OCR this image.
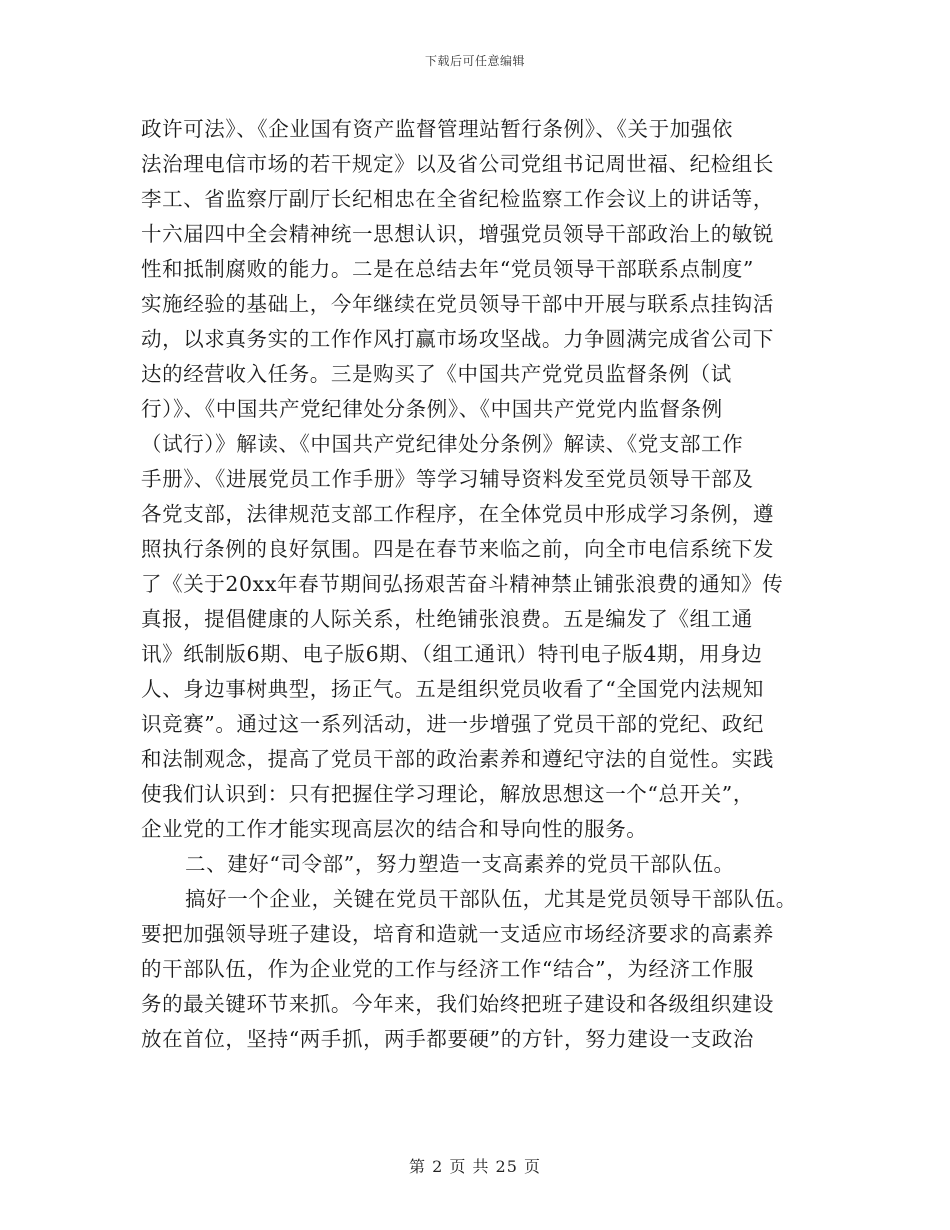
下载后可任意编辑
政许可法》、《企业国有资产监督管理站暂行条例》、《关于加强依
法治理电信市场的若干规定》以及省公司党组书记周世福、纪检组长
李工、省监察厅副厅长纪相忠在全省纪检监察工作会议上的讲话等，
十六届四中全会精神统一思想认识，增强党员领导干部政治上的敏锐
性和抵制腐败的能力。二是在总结去年“党员领导干部联系点制度”
实施经验的基础上，今年继续在党员领导干部中开展与联系点挂钩活
动，以求真务实的工作作风打赢市场攻坚战。力争圆满完成省公司下
达的经营收入任务。三是购买了《中国共产党党员监督条例（试
行）》、《中国共产党纪律处分条例》、《中国共产党党内监督条例
（试行）》解读、《中国共产党纪律处分条例》解读、《党支部工作
手册》、《进展党员工作手册》等学习辅导资料发至党员领导干部及
各党支部，法律规范支部工作程序，在全体党员中形成学习条例，遵
照执行条例的良好氛围。四是在春节来临之前，向全市电信系统下发
了《关于20xx年春节期间弘扬艰苦奋斗精神禁止铺张浪费的通知》传
真报，提倡健康的人际关系，杜绝铺张浪费。五是编发了《组工通
讯》纸制版6期、电子版6期、（组工通讯）特刊电子版4期，用身边
人、身边事树典型，扬正气。五是组织党员收看了“全国党内法规知
识竞赛”。通过这一系列活动，进一步增强了党员干部的党纪、政纪
和法制观念，提高了党员干部的政治素养和遵纪守法的自觉性。实践
使我们认识到：只有把握住学习理论，解放思想这一个“总开关”，
企业党的工作才能实现高层次的结合和导向性的服务。
二、建好“司令部”，努力塑造一支高素养的党员干部队伍。
搞好一个企业，关键在党员干部队伍，尤其是党员领导干部队伍。
要把加强领导班子建设，培育和造就一支适应市场经济要求的高素养
的干部队伍，作为企业党的工作与经济工作“结合”，为经济工作服
务的最关键环节来抓。今年来，我们始终把班子建设和各级组织建设
放在首位，坚持“两手抓，两手都要硬”的方针，努力建设一支政治
第 2 页 共 25 页
